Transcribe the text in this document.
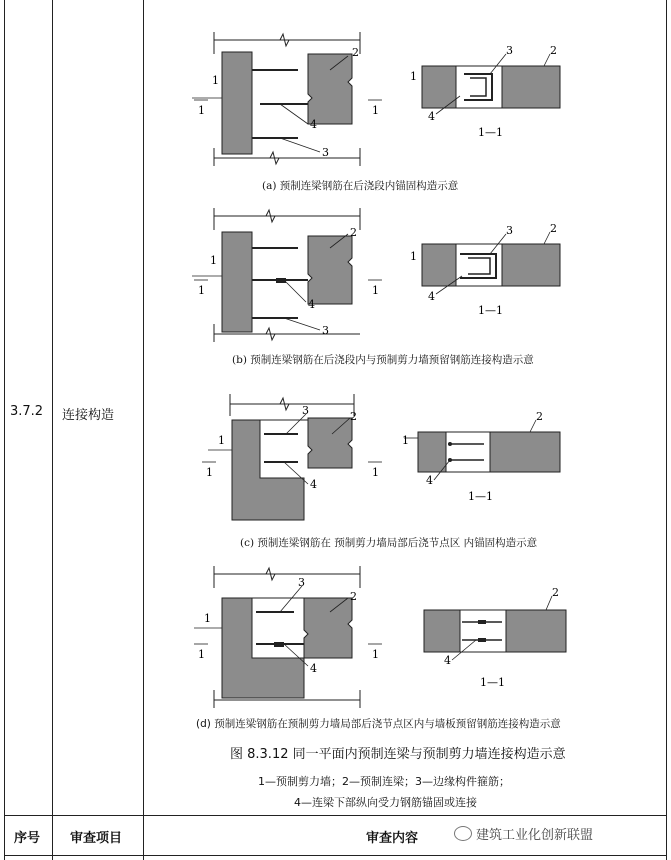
3.7.2 连接构造
1
1	1
2
4
3
3	2
1
4
1—1
(a) 预制连梁钢筋在后浇段内锚固构造示意
1
1	1
2
4
3
3	2
1
4
1—1
(b) 预制连梁钢筋在后浇段内与预制剪力墙预留钢筋连接构造示意
3	2
1
1	1
4
1
2
4
1—1
(c) 预制连梁钢筋在 预制剪力墙局部后浇节点区 内锚固构造示意
3
2
1
1	1
4
2
4
1—1
(d) 预制连梁钢筋在预制剪力墙局部后浇节点区内与墙板预留钢筋连接构造示意
图 8.3.12 同一平面内预制连梁与预制剪力墙连接构造示意
1—预制剪力墙；2—预制连梁；3—边缘构件箍筋；
4—连梁下部纵向受力钢筋锚固或连接
序号 审查项目	审查内容	建筑工业化创新联盟
